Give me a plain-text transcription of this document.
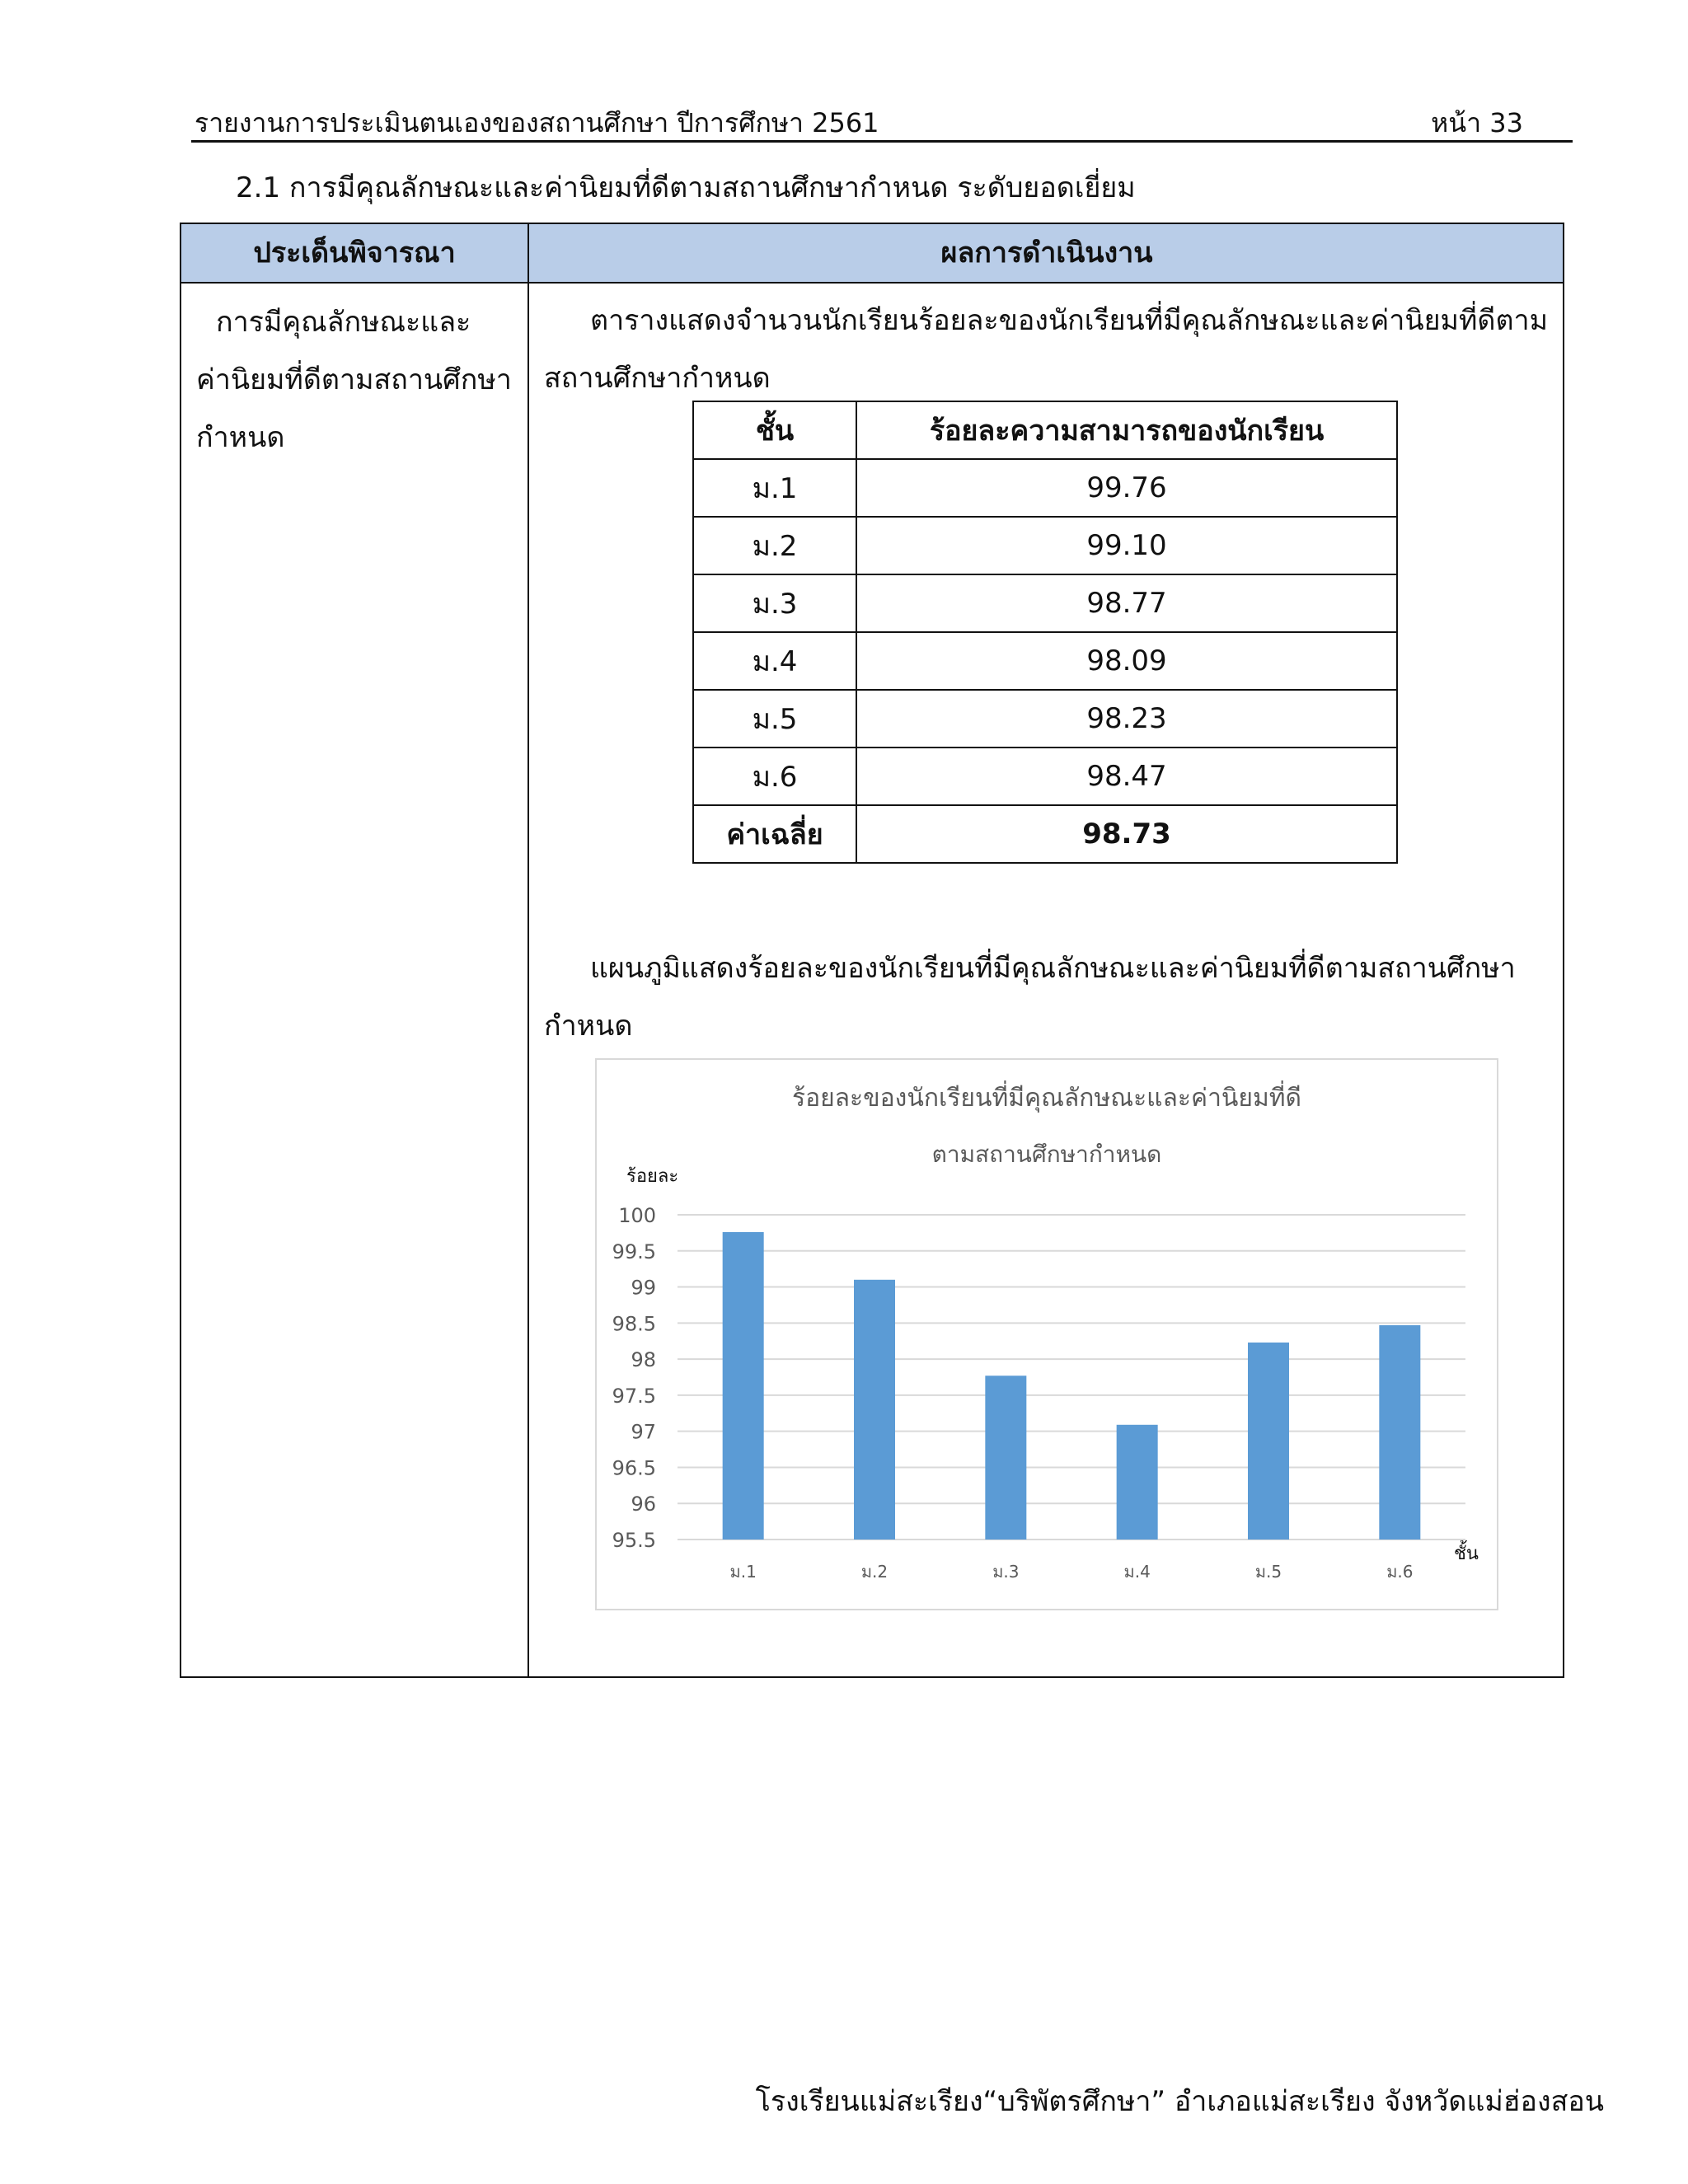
รายงานการประเมินตนเองของสถานศึกษา ปีการศึกษา 2561	หน้า 33
2.1 การมีคุณลักษณะและค่านิยมที่ดีตามสถานศึกษากำหนด ระดับยอดเยี่ยม
ประเด็นพิจารณา	ผลการดำเนินงาน
การมีคุณลักษณะและ
ค่านิยมที่ดีตามสถานศึกษา
กำหนด
ตารางแสดงจำนวนนักเรียนร้อยละของนักเรียนที่มีคุณลักษณะและค่านิยมที่ดีตาม
สถานศึกษากำหนด
แผนภูมิแสดงร้อยละของนักเรียนที่มีคุณลักษณะและค่านิยมที่ดีตามสถานศึกษา
กำหนด
ชั้น	ร้อยละความสามารถของนักเรียน
ม.1	99.76
ม.2	99.10
ม.3	98.77
ม.4	98.09
ม.5	98.23
ม.6	98.47
ค่าเฉลี่ย	98.73
ร้อยละของนักเรียนที่มีคุณลักษณะและค่านิยมที่ดี
ตามสถานศึกษากำหนด
ร้อยละ
ชั้น
95.5
96
96.5
97
97.5
98
98.5
99
99.5
100
ม.1	ม.2	ม.3	ม.4	ม.5	ม.6
โรงเรียนแม่สะเรียง“บริพัตรศึกษา” อำเภอแม่สะเรียง จังหวัดแม่ฮ่องสอน
